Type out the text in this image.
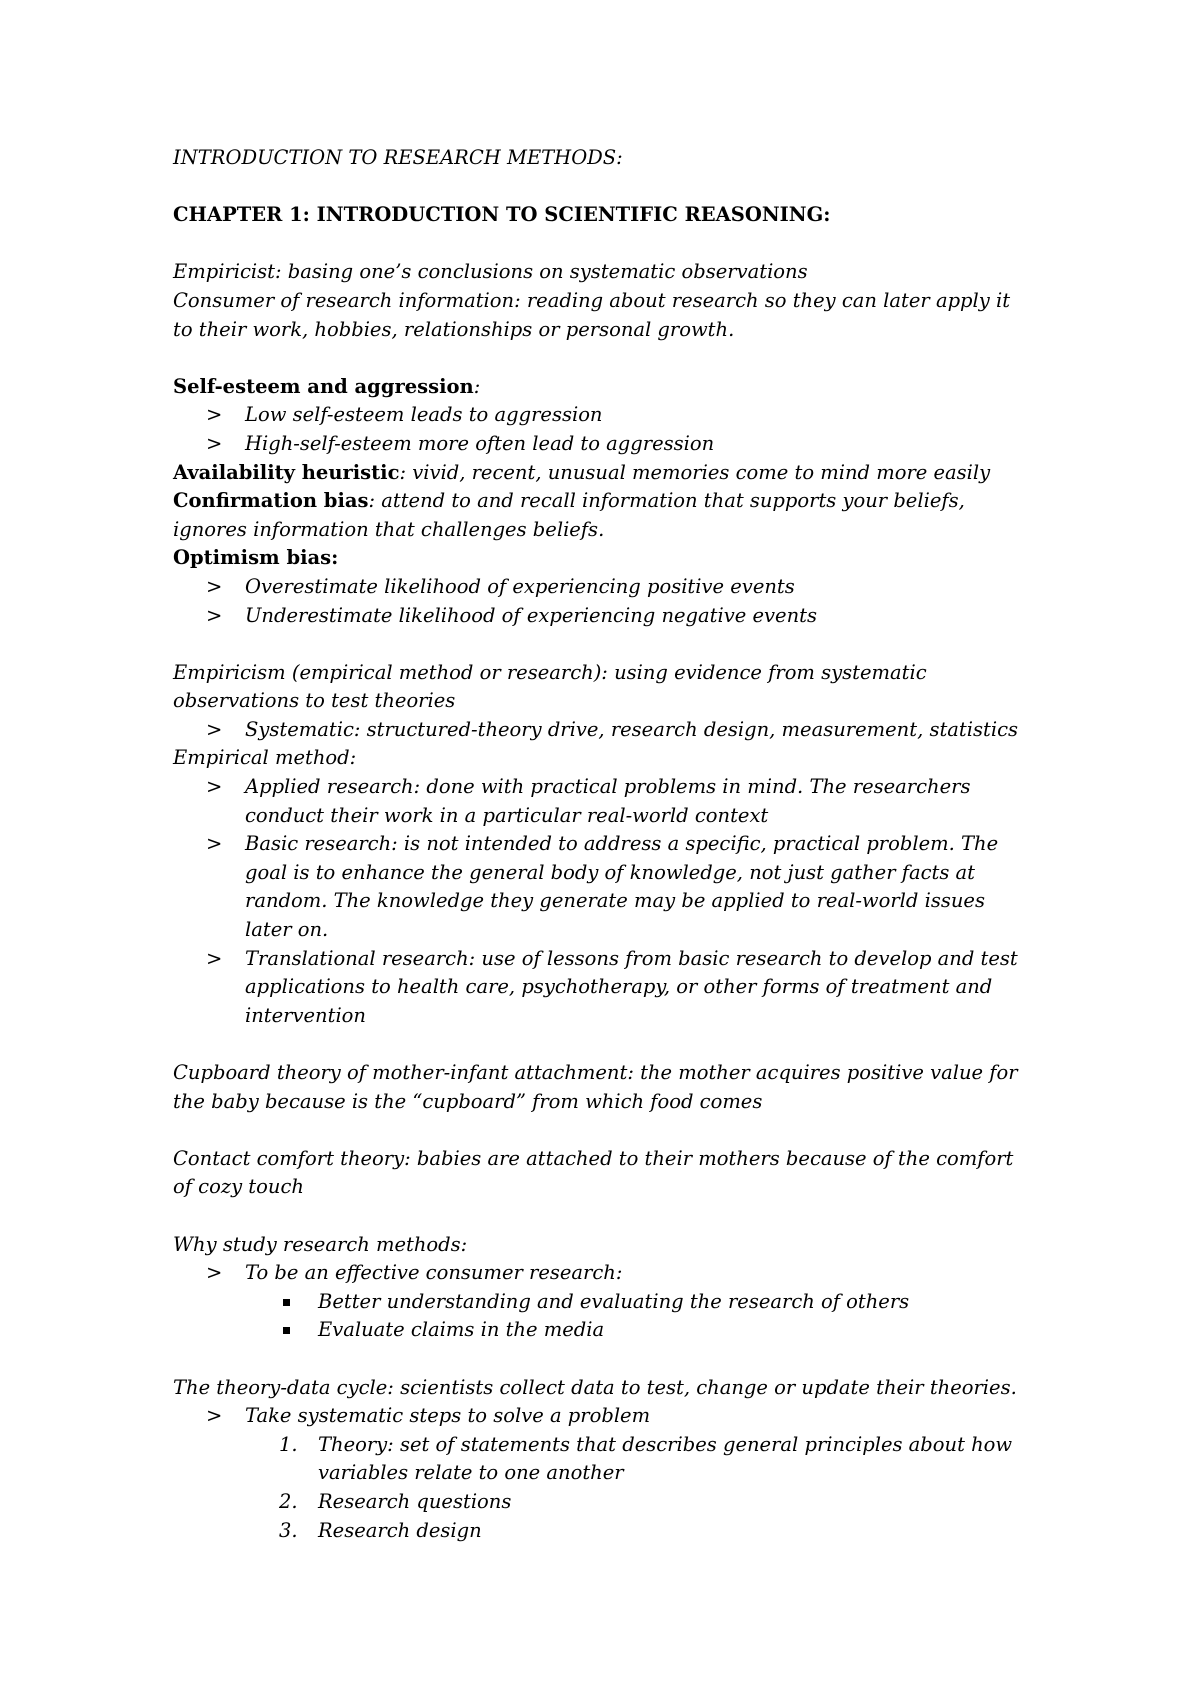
INTRODUCTION TO RESEARCH METHODS:
CHAPTER 1: INTRODUCTION TO SCIENTIFIC REASONING:
Empiricist: basing one’s conclusions on systematic observations
Consumer of research information: reading about research so they can later apply it
to their work, hobbies, relationships or personal growth.
Self-esteem and aggression:
> Low self-esteem leads to aggression
> High-self-esteem more often lead to aggression
Availability heuristic: vivid, recent, unusual memories come to mind more easily
Confirmation bias: attend to and recall information that supports your beliefs,
ignores information that challenges beliefs.
Optimism bias:
> Overestimate likelihood of experiencing positive events
> Underestimate likelihood of experiencing negative events
Empiricism (empirical method or research): using evidence from systematic
observations to test theories
> Systematic: structured-theory drive, research design, measurement, statistics
Empirical method:
> Applied research: done with practical problems in mind. The researchers
conduct their work in a particular real-world context
> Basic research: is not intended to address a specific, practical problem. The
goal is to enhance the general body of knowledge, not just gather facts at
random. The knowledge they generate may be applied to real-world issues
later on.
> Translational research: use of lessons from basic research to develop and test
applications to health care, psychotherapy, or other forms of treatment and
intervention
Cupboard theory of mother-infant attachment: the mother acquires positive value for
the baby because is the “cupboard” from which food comes
Contact comfort theory: babies are attached to their mothers because of the comfort
of cozy touch
Why study research methods:
> To be an effective consumer research:
Better understanding and evaluating the research of others
Evaluate claims in the media
The theory-data cycle: scientists collect data to test, change or update their theories.
> Take systematic steps to solve a problem
1. Theory: set of statements that describes general principles about how
variables relate to one another
2. Research questions
3. Research design
